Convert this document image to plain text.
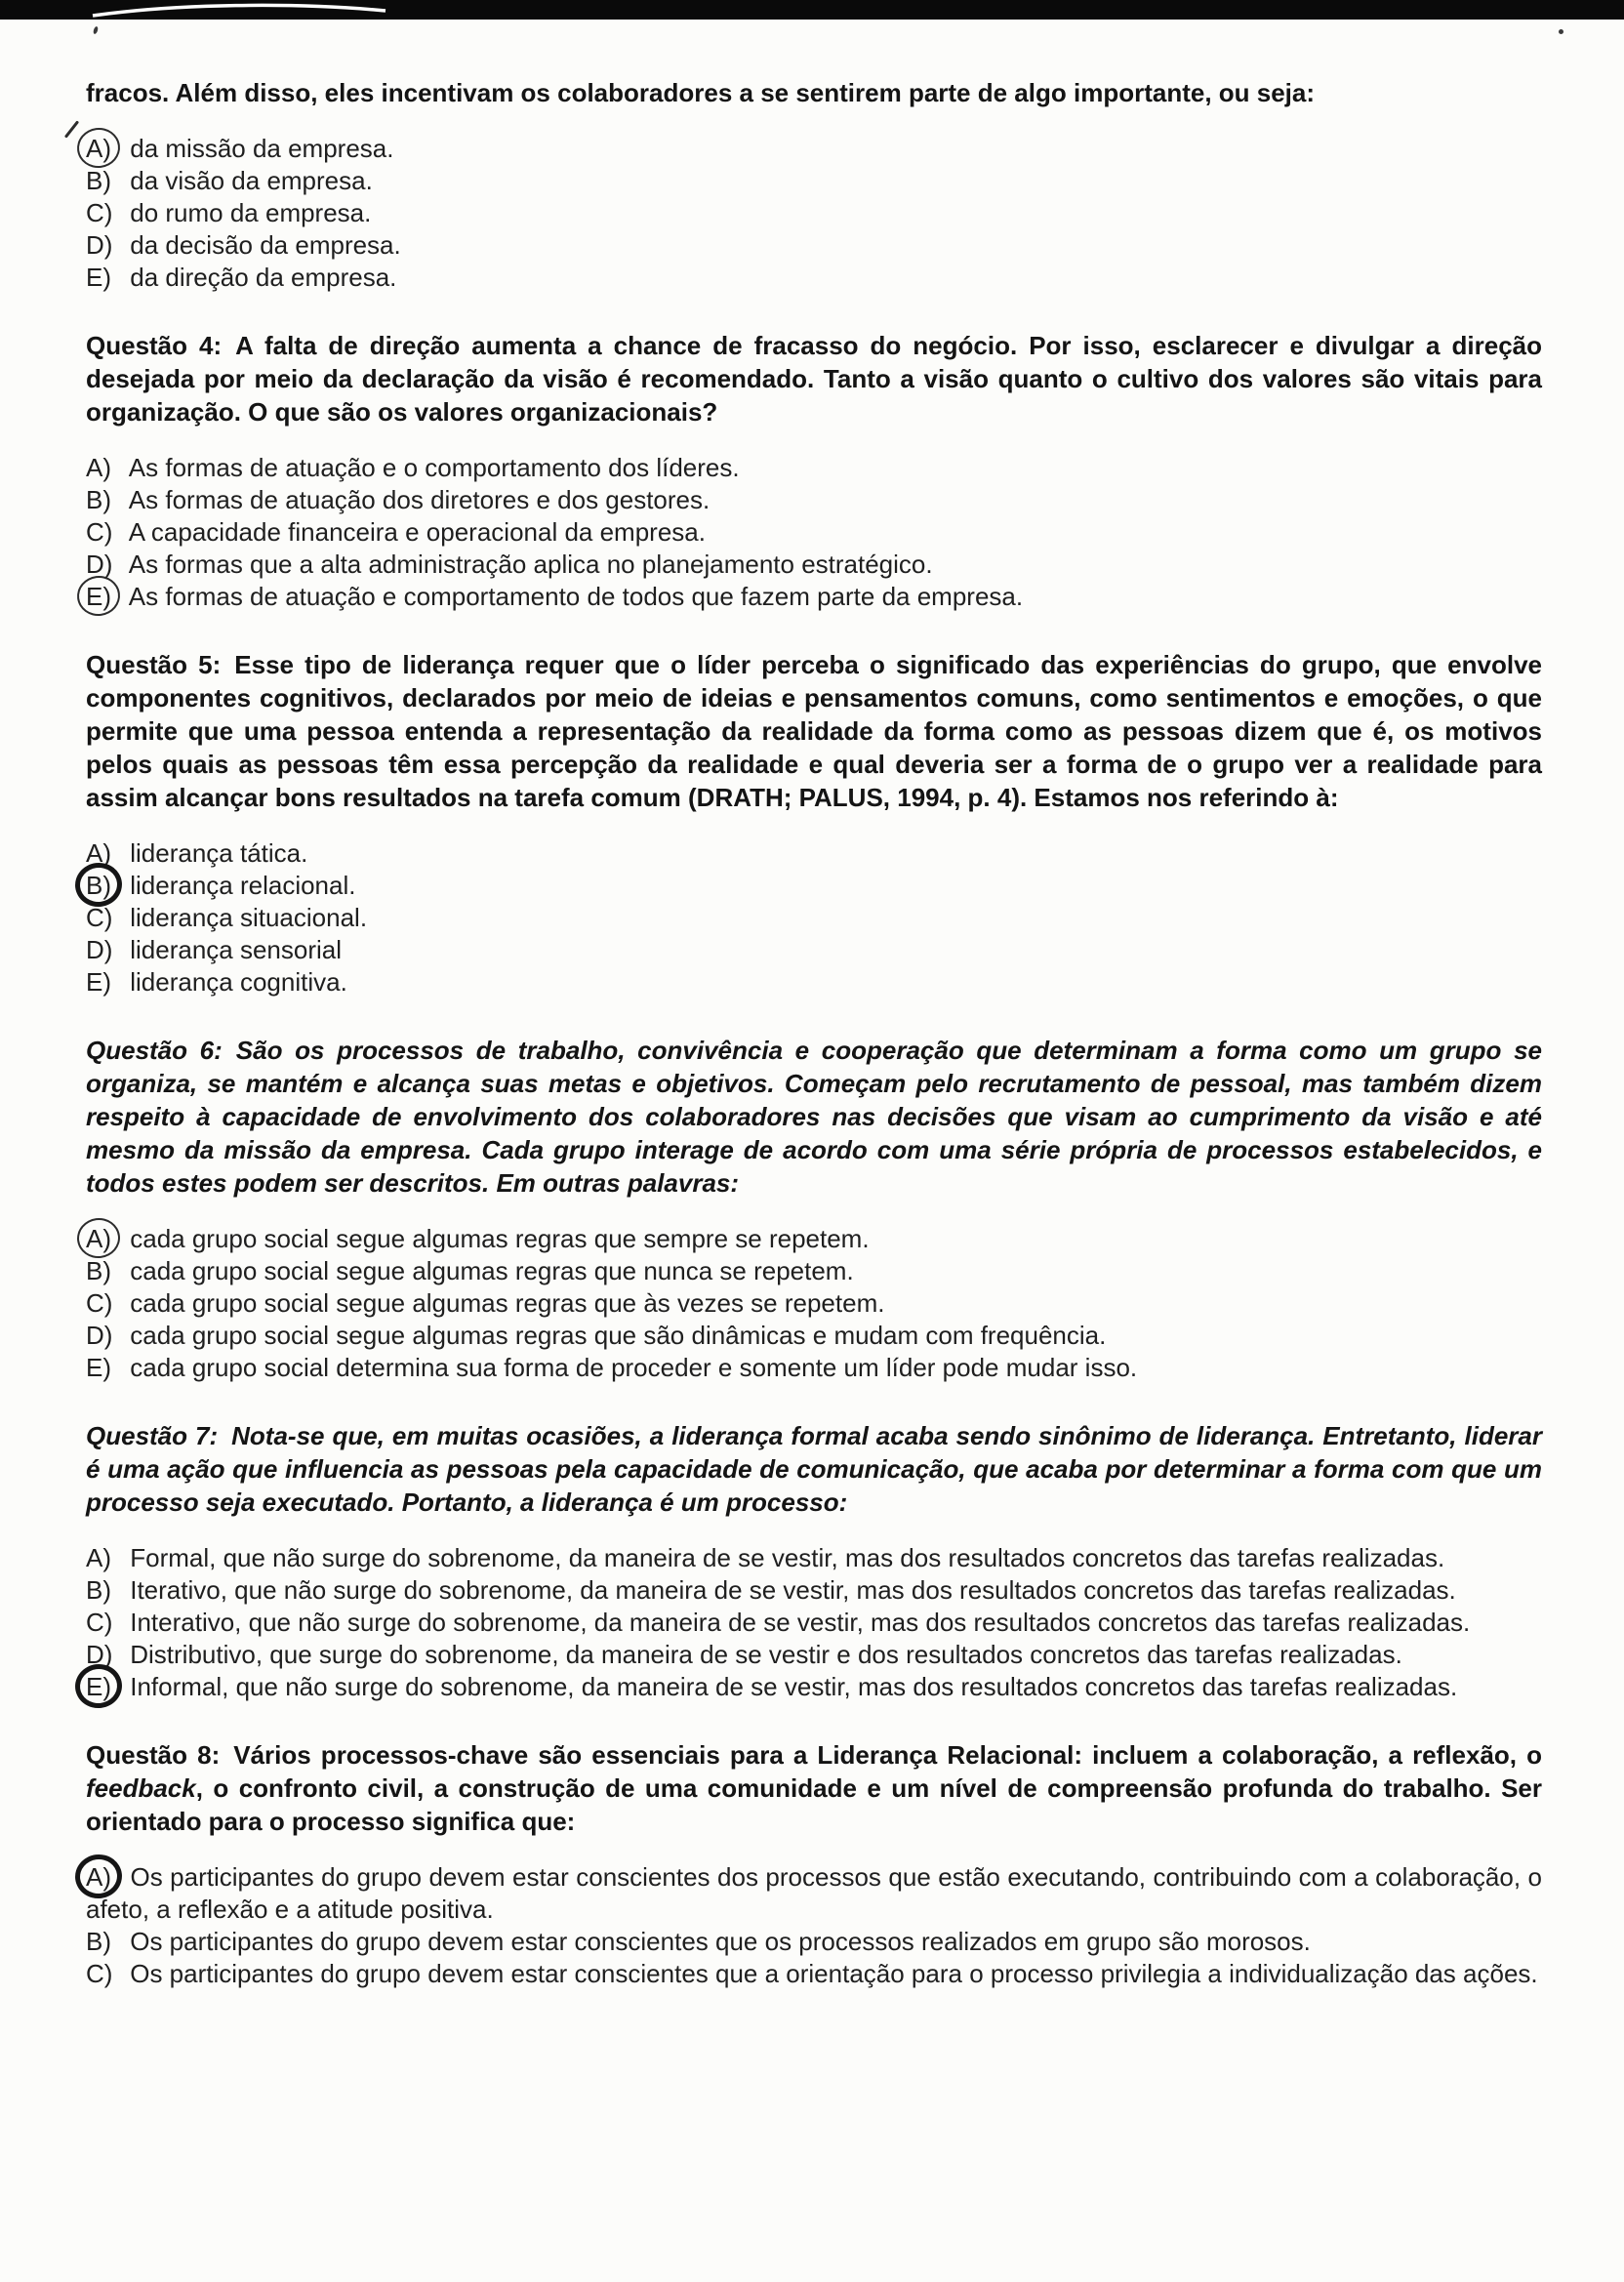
fracos. Além disso, eles incentivam os colaboradores a se sentirem parte de algo importante, ou seja:

A) da missão da empresa.

B) da visão da empresa.

C) do rumo da empresa.

D) da decisão da empresa.

E) da direção da empresa.

Questão 4: A falta de direção aumenta a chance de fracasso do negócio. Por isso, esclarecer e divulgar a direção desejada por meio da declaração da visão é recomendado. Tanto a visão quanto o cultivo dos valores são vitais para organização. O que são os valores organizacionais?

A) As formas de atuação e o comportamento dos líderes.

B) As formas de atuação dos diretores e dos gestores.

C) A capacidade financeira e operacional da empresa.

D) As formas que a alta administração aplica no planejamento estratégico.

E) As formas de atuação e comportamento de todos que fazem parte da empresa.

Questão 5: Esse tipo de liderança requer que o líder perceba o significado das experiências do grupo, que envolve componentes cognitivos, declarados por meio de ideias e pensamentos comuns, como sentimentos e emoções, o que permite que uma pessoa entenda a representação da realidade da forma como as pessoas dizem que é, os motivos pelos quais as pessoas têm essa percepção da realidade e qual deveria ser a forma de o grupo ver a realidade para assim alcançar bons resultados na tarefa comum (DRATH; PALUS, 1994, p. 4). Estamos nos referindo à:

A) liderança tática.

B) liderança relacional.

C) liderança situacional.

D) liderança sensorial

E) liderança cognitiva.

Questão 6: São os processos de trabalho, convivência e cooperação que determinam a forma como um grupo se organiza, se mantém e alcança suas metas e objetivos. Começam pelo recrutamento de pessoal, mas também dizem respeito à capacidade de envolvimento dos colaboradores nas decisões que visam ao cumprimento da visão e até mesmo da missão da empresa. Cada grupo interage de acordo com uma série própria de processos estabelecidos, e todos estes podem ser descritos. Em outras palavras:

A) cada grupo social segue algumas regras que sempre se repetem.

B) cada grupo social segue algumas regras que nunca se repetem.

C) cada grupo social segue algumas regras que às vezes se repetem.

D) cada grupo social segue algumas regras que são dinâmicas e mudam com frequência.

E) cada grupo social determina sua forma de proceder e somente um líder pode mudar isso.

Questão 7: Nota-se que, em muitas ocasiões, a liderança formal acaba sendo sinônimo de liderança. Entretanto, liderar é uma ação que influencia as pessoas pela capacidade de comunicação, que acaba por determinar a forma com que um processo seja executado. Portanto, a liderança é um processo:

A) Formal, que não surge do sobrenome, da maneira de se vestir, mas dos resultados concretos das tarefas realizadas.

B) Iterativo, que não surge do sobrenome, da maneira de se vestir, mas dos resultados concretos das tarefas realizadas.

C) Interativo, que não surge do sobrenome, da maneira de se vestir, mas dos resultados concretos das tarefas realizadas.

D) Distributivo, que surge do sobrenome, da maneira de se vestir e dos resultados concretos das tarefas realizadas.

E) Informal, que não surge do sobrenome, da maneira de se vestir, mas dos resultados concretos das tarefas realizadas.

Questão 8: Vários processos-chave são essenciais para a Liderança Relacional: incluem a colaboração, a reflexão, o feedback, o confronto civil, a construção de uma comunidade e um nível de compreensão profunda do trabalho. Ser orientado para o processo significa que:

A) Os participantes do grupo devem estar conscientes dos processos que estão executando, contribuindo com a colaboração, o afeto, a reflexão e a atitude positiva.

B) Os participantes do grupo devem estar conscientes que os processos realizados em grupo são morosos.

C) Os participantes do grupo devem estar conscientes que a orientação para o processo privilegia a individualização das ações.
